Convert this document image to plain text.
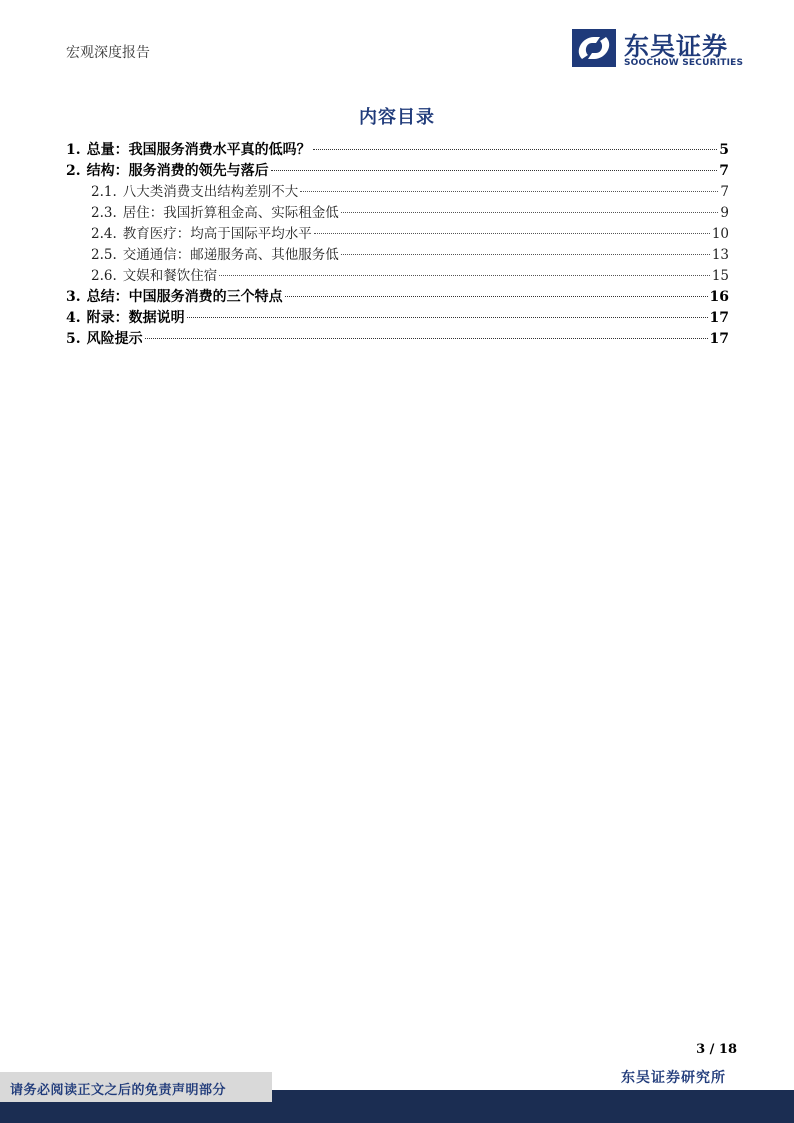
宏观深度报告	东吴证券
SOOCHOW SECURITIES
内容目录
1. 总量：我国服务消费水平真的低吗？	5
2. 结构：服务消费的领先与落后	7
2.1. 八大类消费支出结构差别不大	7
2.3. 居住：我国折算租金高、实际租金低	9
2.4. 教育医疗：均高于国际平均水平	10
2.5. 交通通信：邮递服务高、其他服务低	13
2.6. 文娱和餐饮住宿	15
3. 总结：中国服务消费的三个特点	16
4. 附录：数据说明	17
5. 风险提示	17
3 / 18
东吴证券研究所
请务必阅读正文之后的免责声明部分
